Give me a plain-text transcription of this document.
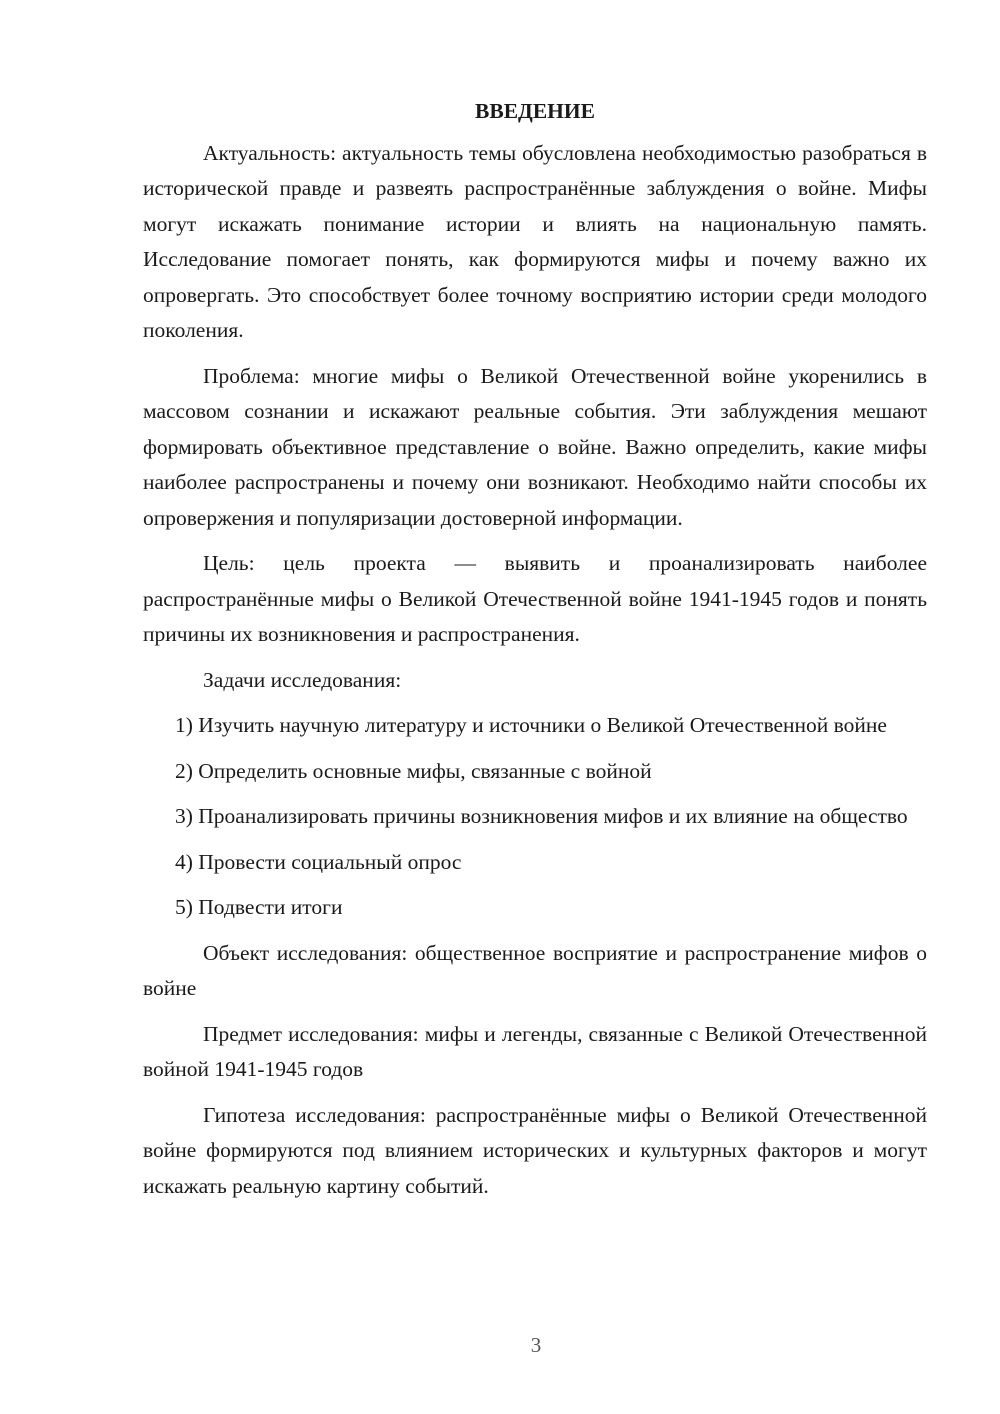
ВВЕДЕНИЕ

Актуальность: актуальность темы обусловлена необходимостью разобраться в исторической правде и развеять распространённые заблуждения о войне. Мифы могут искажать понимание истории и влиять на национальную память. Исследование помогает понять, как формируются мифы и почему важно их опровергать. Это способствует более точному восприятию истории среди молодого поколения.

Проблема: многие мифы о Великой Отечественной войне укоренились в массовом сознании и искажают реальные события. Эти заблуждения мешают формировать объективное представление о войне. Важно определить, какие мифы наиболее распространены и почему они возникают. Необходимо найти способы их опровержения и популяризации достоверной информации.

Цель: цель проекта — выявить и проанализировать наиболее распространённые мифы о Великой Отечественной войне 1941-1945 годов и понять причины их возникновения и распространения.

Задачи исследования:

1) Изучить научную литературу и источники о Великой Отечественной войне

2) Определить основные мифы, связанные с войной

3) Проанализировать причины возникновения мифов и их влияние на общество

4) Провести социальный опрос

5) Подвести итоги

Объект исследования: общественное восприятие и распространение мифов о войне

Предмет исследования: мифы и легенды, связанные с Великой Отечественной войной 1941-1945 годов

Гипотеза исследования: распространённые мифы о Великой Отечественной войне формируются под влиянием исторических и культурных факторов и могут искажать реальную картину событий.

3
